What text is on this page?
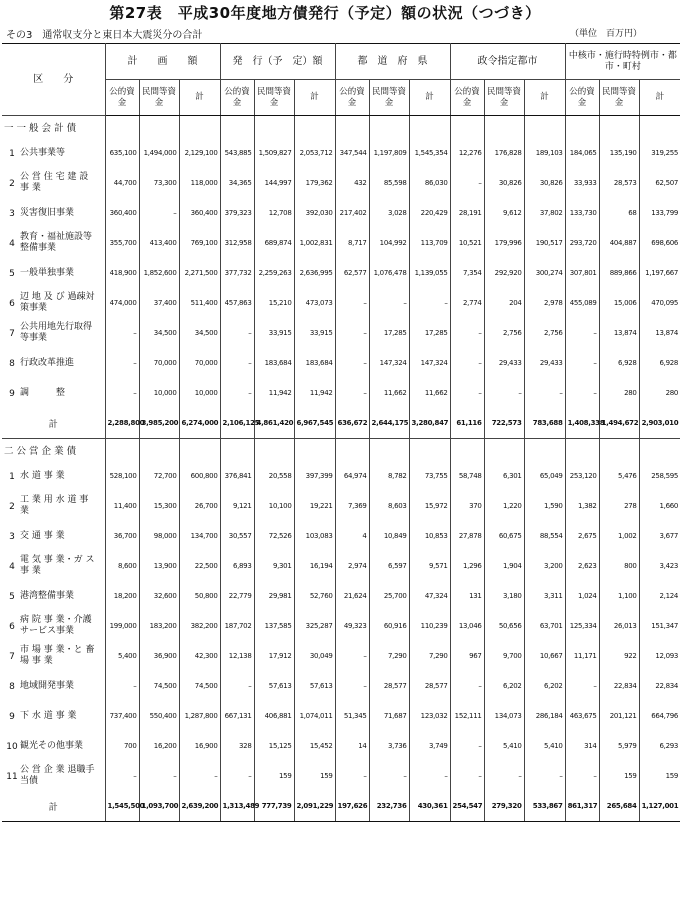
第27表　平成30年度地方債発行（予定）額の状況（つづき）
その3　通常収支分と東日本大震災分の合計	（単位　百万円）
区　　分	計　　画　　額			発　行（予　定）額			都　道　府　県			政令指定都市			中核市・施行時特例市・都市・町村		
	公的資金	民間等資金	計	公的資金	民間等資金	計	公的資金	民間等資金	計	公的資金	民間等資金	計	公的資金	民間等資金	計
一 一 般 会 計 債															
1 公共事業等	635,100	1,494,000	2,129,100	543,885	1,509,827	2,053,712	347,544	1,197,809	1,545,354	12,276	176,828	189,103	184,065	135,190	319,255
2公 営 住 宅 建 設 事 業	44,700	73,300	118,000	34,365	144,997	179,362	432	85,598	86,030	–	30,826	30,826	33,933	28,573	62,507
3 災害復旧事業	360,400	–	360,400	379,323	12,708	392,030	217,402	3,028	220,429	28,191	9,612	37,802	133,730	68	133,799
4教育・福祉施設等整備事業	355,700	413,400	769,100	312,958	689,874	1,002,831	8,717	104,992	113,709	10,521	179,996	190,517	293,720	404,887	698,606
5 一般単独事業	418,900	1,852,600	2,271,500	377,732	2,259,263	2,636,995	62,577	1,076,478	1,139,055	7,354	292,920	300,274	307,801	889,866	1,197,667
6辺 地 及 び 過疎対策事業	474,000	37,400	511,400	457,863	15,210	473,073	–	–	–	2,774	204	2,978	455,089	15,006	470,095
7公共用地先行取得等事業	–	34,500	34,500	–	33,915	33,915	–	17,285	17,285	–	2,756	2,756	–	13,874	13,874
8 行政改革推進	–	70,000	70,000	–	183,684	183,684	–	147,324	147,324	–	29,433	29,433	–	6,928	6,928
9 調　　　整	–	10,000	10,000	–	11,942	11,942	–	11,662	11,662	–	–	–	–	280	280
計	2,288,800	3,985,200	6,274,000	2,106,125	4,861,420	6,967,545	636,672	2,644,175	3,280,847	61,116	722,573	783,688	1,408,338	1,494,672	2,903,010
二 公 営 企 業 債															
1 水 道 事 業	528,100	72,700	600,800	376,841	20,558	397,399	64,974	8,782	73,755	58,748	6,301	65,049	253,120	5,476	258,595
2工 業 用 水 道 事 業	11,400	15,300	26,700	9,121	10,100	19,221	7,369	8,603	15,972	370	1,220	1,590	1,382	278	1,660
3 交 通 事 業	36,700	98,000	134,700	30,557	72,526	103,083	4	10,849	10,853	27,878	60,675	88,554	2,675	1,002	3,677
4電 気 事 業・ガ ス 事 業	8,600	13,900	22,500	6,893	9,301	16,194	2,974	6,597	9,571	1,296	1,904	3,200	2,623	800	3,423
5 港湾整備事業	18,200	32,600	50,800	22,779	29,981	52,760	21,624	25,700	47,324	131	3,180	3,311	1,024	1,100	2,124
6病 院 事 業・介護サービス事業	199,000	183,200	382,200	187,702	137,585	325,287	49,323	60,916	110,239	13,046	50,656	63,701	125,334	26,013	151,347
7市 場 事 業・と 畜 場 事 業	5,400	36,900	42,300	12,138	17,912	30,049	–	7,290	7,290	967	9,700	10,667	11,171	922	12,093
8 地域開発事業	–	74,500	74,500	–	57,613	57,613	–	28,577	28,577	–	6,202	6,202	–	22,834	22,834
9 下 水 道 事 業	737,400	550,400	1,287,800	667,131	406,881	1,074,011	51,345	71,687	123,032	152,111	134,073	286,184	463,675	201,121	664,796
10 観光その他事業	700	16,200	16,900	328	15,125	15,452	14	3,736	3,749	–	5,410	5,410	314	5,979	6,293
11公 営 企 業 退職手当債	–	–	–	–	159	159	–	–	–	–	–	–	–	159	159
計	1,545,500	1,093,700	2,639,200	1,313,489	777,739	2,091,229	197,626	232,736	430,361	254,547	279,320	533,867	861,317	265,684	1,127,001
